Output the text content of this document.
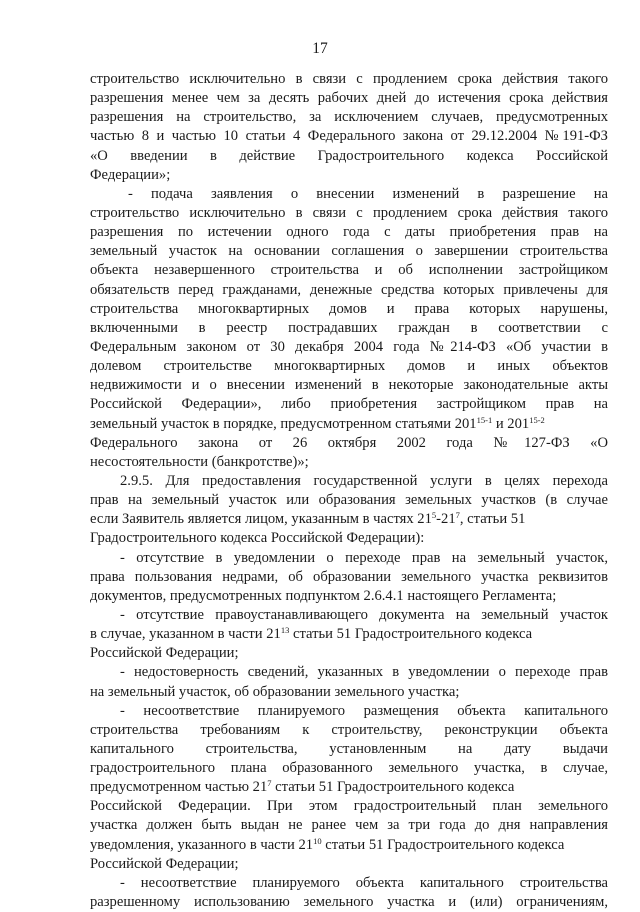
17
строительство исключительно в связи с продлением срока действия такого
разрешения менее чем за десять рабочих дней до истечения срока действия
разрешения на строительство, за исключением случаев, предусмотренных
частью 8 и частью 10 статьи 4 Федерального закона от 29.12.2004 №191-ФЗ
«О введении в действие Градостроительного кодекса Российской
Федерации»;
- подача заявления о внесении изменений в разрешение на
строительство исключительно в связи с продлением срока действия такого
разрешения по истечении одного года с даты приобретения прав на
земельный участок на основании соглашения о завершении строительства
объекта незавершенного строительства и об исполнении застройщиком
обязательств перед гражданами, денежные средства которых привлечены для
строительства многоквартирных домов и права которых нарушены,
включенными в реестр пострадавших граждан в соответствии с
Федеральным законом от 30 декабря 2004 года №214-ФЗ «Об участии в
долевом строительстве многоквартирных домов и иных объектов
недвижимости и о внесении изменений в некоторые законодательные акты
Российской Федерации», либо приобретения застройщиком прав на
земельный участок в порядке, предусмотренном статьями 201$^{15-1}$ и 201$^{15-2}$
Федерального закона от 26 октября 2002 года №127-ФЗ «О
несостоятельности (банкротстве)»;
2.9.5. Для предоставления государственной услуги в целях перехода
прав на земельный участок или образования земельных участков (в случае
если Заявитель является лицом, указанным в частях $21^5-21^7$, статьи 51
Градостроительного кодекса Российской Федерации):
- отсутствие в уведомлении о переходе прав на земельный участок,
права пользования недрами, об образовании земельного участка реквизитов
документов, предусмотренных подпунктом 2.6.4.1 настоящего Регламента;
- отсутствие правоустанавливающего документа на земельный участок
в случае, указанном в части $21^{13}$ статьи 51 Градостроительного кодекса
Российской Федерации;
- недостоверность сведений, указанных в уведомлении о переходе прав
на земельный участок, об образовании земельного участка;
- несоответствие планируемого размещения объекта капитального
строительства требованиям к строительству, реконструкции объекта
капитального строительства, установленным на дату выдачи
градостроительного плана образованного земельного участка, в случае,
предусмотренном частью $21^7$ статьи 51 Градостроительного кодекса
Российской Федерации. При этом градостроительный план земельного
участка должен быть выдан не ранее чем за три года до дня направления
уведомления, указанного в части $21^{10}$ статьи 51 Градостроительного кодекса
Российской Федерации;
- несоответствие планируемого объекта капитального строительства
разрешенному использованию земельного участка и (или) ограничениям,
